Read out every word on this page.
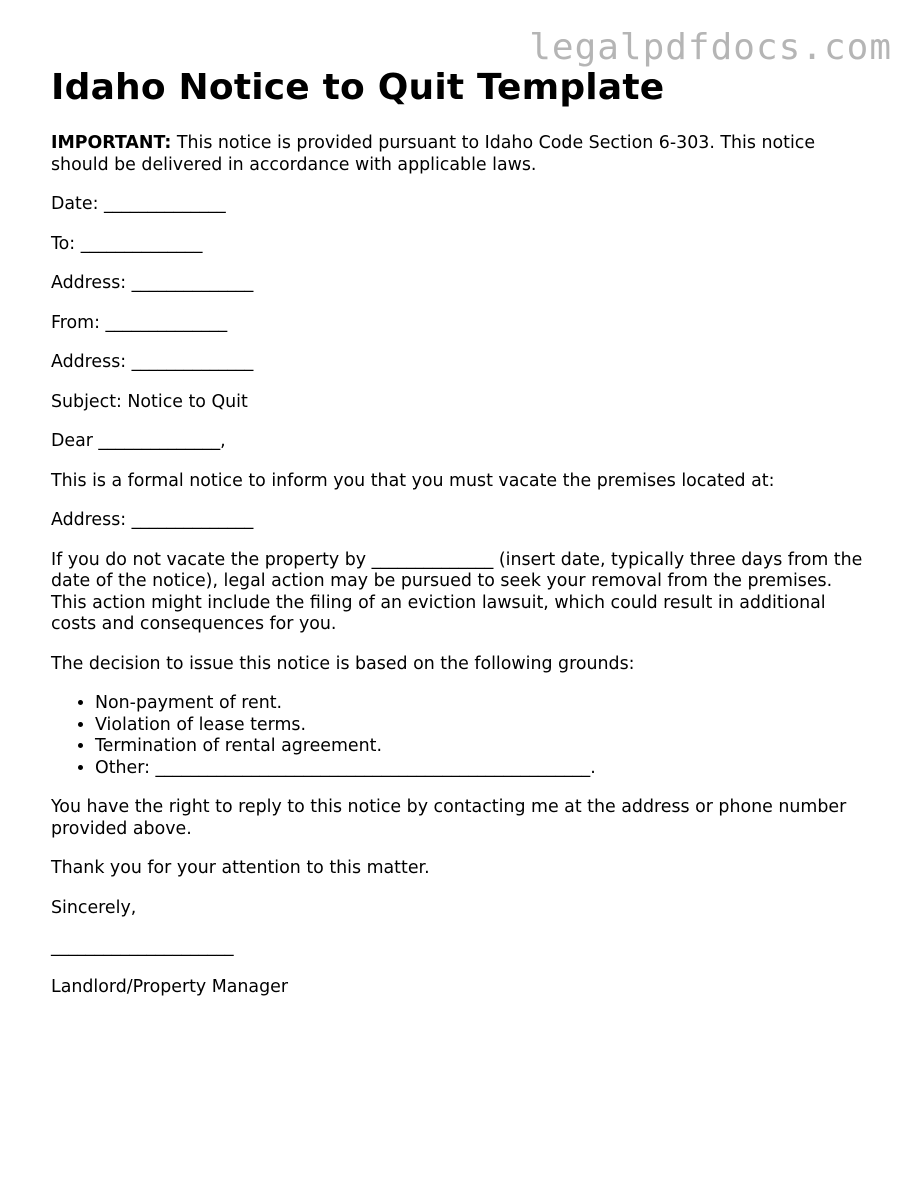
legalpdfdocs.com
Idaho Notice to Quit Template

IMPORTANT: This notice is provided pursuant to Idaho Code Section 6-303. This notice should be delivered in accordance with applicable laws.

Date: ______________

To: ______________

Address: ______________

From: ______________

Address: ______________

Subject: Notice to Quit

Dear ______________,

This is a formal notice to inform you that you must vacate the premises located at:

Address: ______________

If you do not vacate the property by ______________ (insert date, typically three days from the date of the notice), legal action may be pursued to seek your removal from the premises. This action might include the filing of an eviction lawsuit, which could result in additional costs and consequences for you.

The decision to issue this notice is based on the following grounds:

• Non-payment of rent.
• Violation of lease terms.
• Termination of rental agreement.
• Other: __________________________________________________.

You have the right to reply to this notice by contacting me at the address or phone number provided above.

Thank you for your attention to this matter.

Sincerely,

_____________________

Landlord/Property Manager
